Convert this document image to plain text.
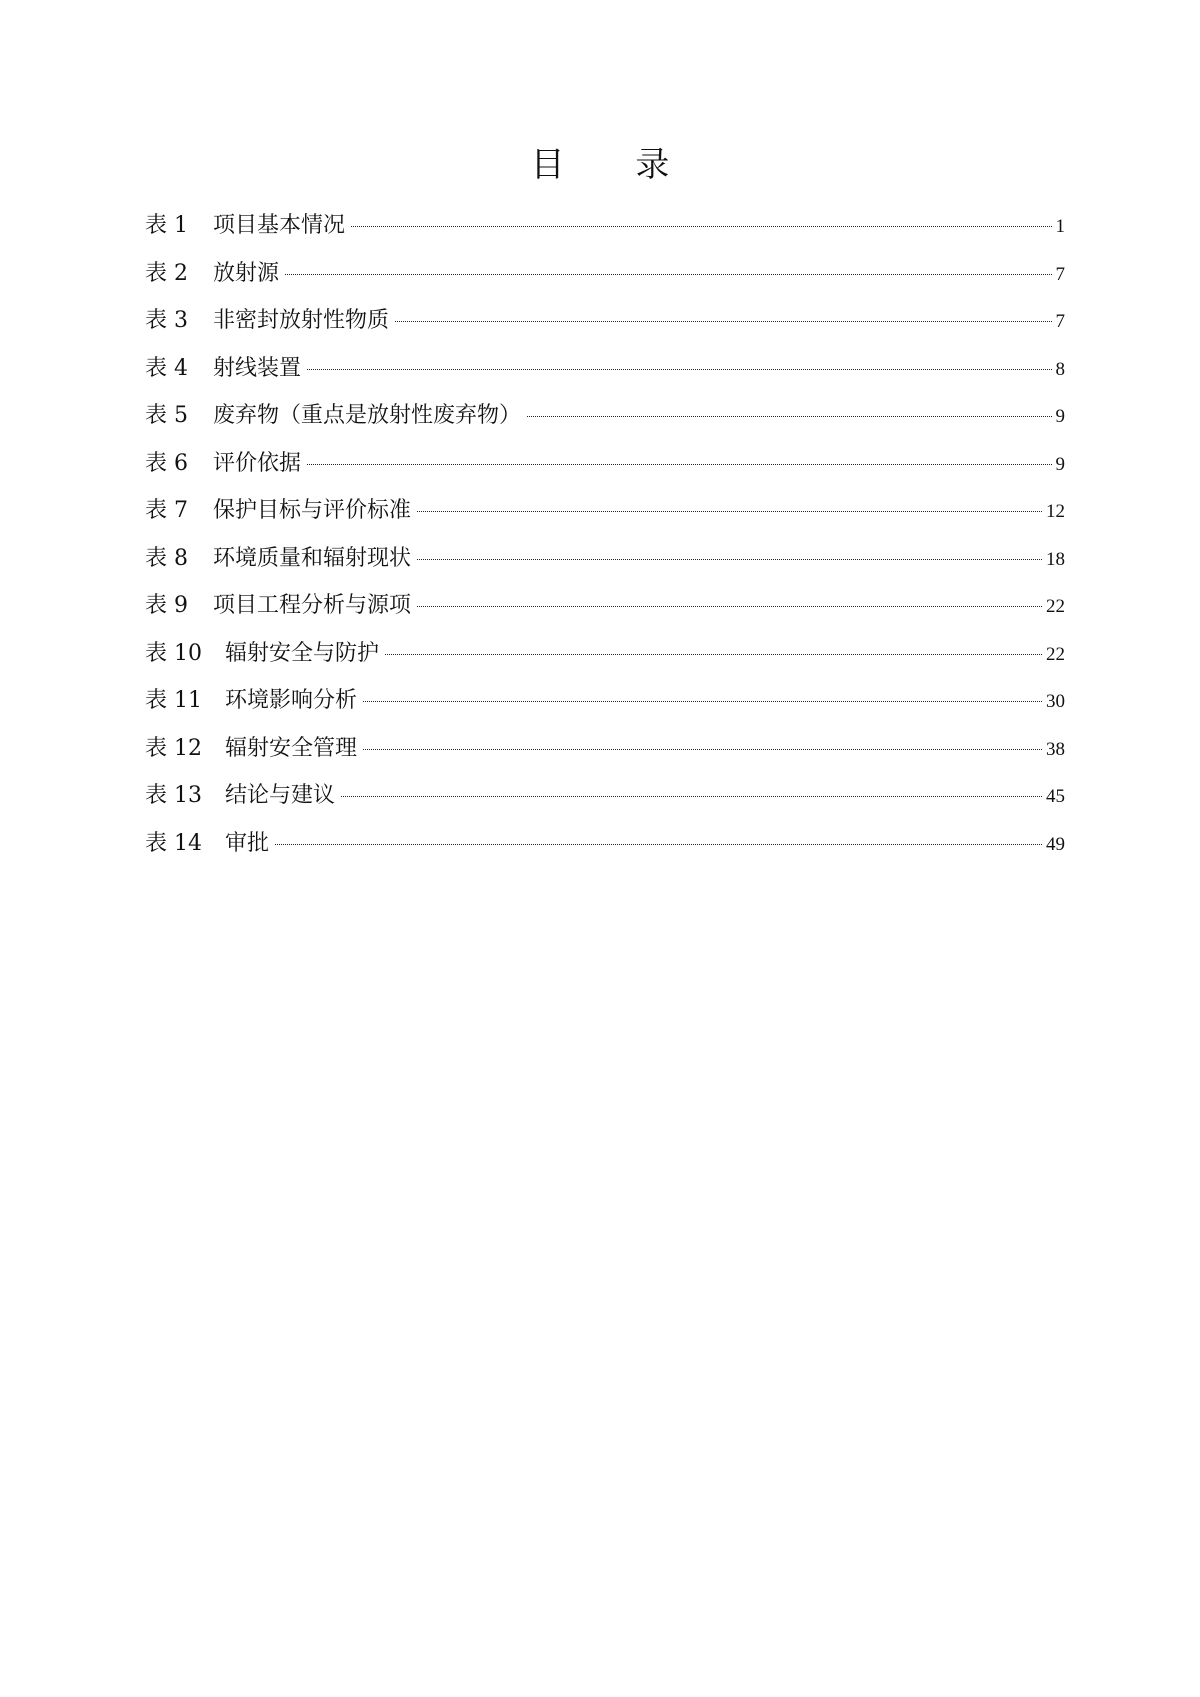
目 录
表 1	项目基本情况	1
表 2	放射源	7
表 3	非密封放射性物质	7
表 4	射线装置	8
表 5	废弃物（重点是放射性废弃物）	9
表 6	评价依据	9
表 7	保护目标与评价标准	12
表 8	环境质量和辐射现状	18
表 9	项目工程分析与源项	22
表 10	辐射安全与防护	22
表 11	环境影响分析	30
表 12	辐射安全管理	38
表 13	结论与建议	45
表 14	审批	49
